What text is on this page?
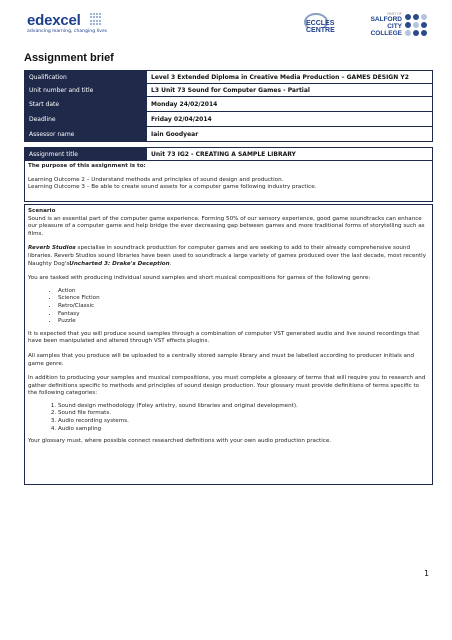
edexcel
advancing learning, changing lives
ECCLES
CENTRE
PART OF
SALFORD
CITY
COLLEGE
Assignment brief
Qualification	Level 3 Extended Diploma in Creative Media Production – GAMES DESIGN Y2
Unit number and title	L3 Unit 73 Sound for Computer Games - Partial
Start date	Monday 24/02/2014
Deadline	Friday 02/04/2014
Assessor name	Iain Goodyear
Assignment title	Unit 73 IG2 - CREATING A SAMPLE LIBRARY

The purpose of this assignment is to:

Learning Outcome 2 – Understand methods and principles of sound design and production.

Learning Outcome 3 – Be able to create sound assets for a computer game following industry practice.

Scenario

Sound is an essential part of the computer game experience. Forming 50% of our sensory experience, good game soundtracks can enhance our pleasure of a computer game and help bridge the ever decreasing gap between games and more traditional forms of storytelling such as films.

Reverb Studios specialise in soundtrack production for computer games and are seeking to add to their already comprehensive sound libraries. Reverb Studios sound libraries have been used to soundtrack a large variety of games produced over the last decade, most recently Naughty Dog'sUncharted 3: Drake's Deception.

You are tasked with producing individual sound samples and short musical compositions for games of the following genre:

• Action
• Science Fiction
• Retro/Classic
• Fantasy
• Puzzle

It is expected that you will produce sound samples through a combination of computer VST generated audio and live sound recordings that have been manipulated and altered through VST effects plugins.

All samples that you produce will be uploaded to a centrally stored sample library and must be labelled according to producer initials and game genre.

In addition to producing your samples and musical compositions, you must complete a glossary of terms that will require you to research and gather definitions specific to methods and principles of sound design production. Your glossary must provide definitions of terms specific to the following categories:

1. Sound design methodology (Foley artistry, sound libraries and original development).
2. Sound file formats.
3. Audio recording systems.
4. Audio sampling

Your glossary must, where possible connect researched definitions with your own audio production practice.

1
